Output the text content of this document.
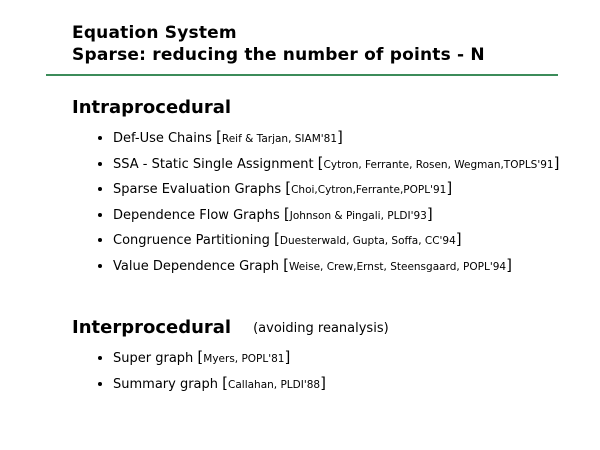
Equation System
Sparse: reducing the number of points - N
Intraprocedural
Def-Use Chains [Reif & Tarjan, SIAM'81]
SSA - Static Single Assignment [Cytron, Ferrante, Rosen, Wegman,TOPLS'91]
Sparse Evaluation Graphs [Choi,Cytron,Ferrante,POPL'91]
Dependence Flow Graphs [Johnson & Pingali, PLDI'93]
Congruence Partitioning [Duesterwald, Gupta, Soffa, CC'94]
Value Dependence Graph [Weise, Crew,Ernst, Steensgaard, POPL'94]
Interprocedural (avoiding reanalysis)
Super graph [Myers, POPL'81]
Summary graph [Callahan, PLDI'88]
